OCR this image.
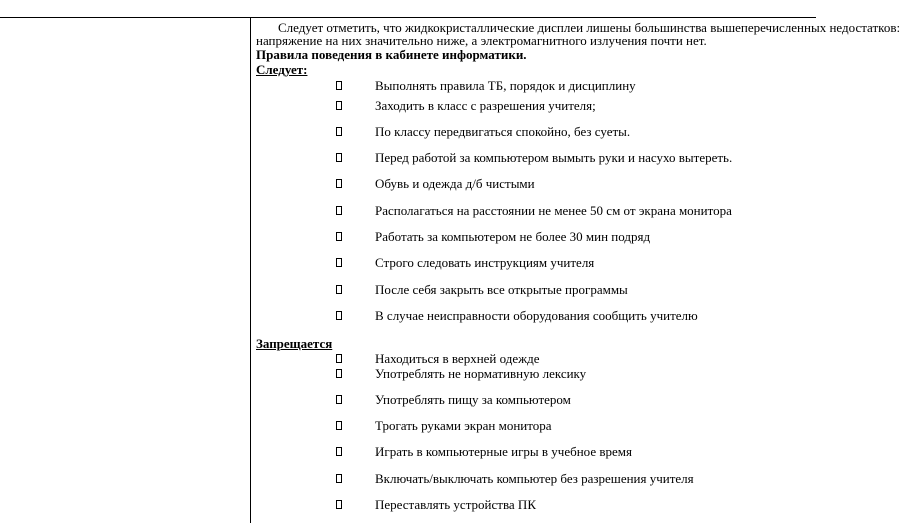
Следует отметить, что жидкокристаллические дисплеи лишены большинства вышеперечисленных недостатков:
напряжение на них значительно ниже, а электромагнитного излучения почти нет.
Правила поведения в кабинете информатики.
Следует:
Выполнять правила ТБ, порядок и дисциплину
Заходить в класс с разрешения учителя;
По классу передвигаться спокойно, без суеты.
Перед работой за компьютером вымыть руки и насухо вытереть.
Обувь и одежда д/б чистыми
Располагаться на расстоянии не менее 50 см от экрана монитора
Работать за компьютером не более 30 мин подряд
Строго следовать инструкциям учителя
После себя закрыть все открытые программы
В случае неисправности оборудования сообщить учителю
Запрещается
Находиться в верхней одежде
Употреблять не нормативную лексику
Употреблять пищу за компьютером
Трогать руками экран монитора
Играть в компьютерные игры в учебное время
Включать/выключать компьютер без разрешения учителя
Переставлять устройства ПК
